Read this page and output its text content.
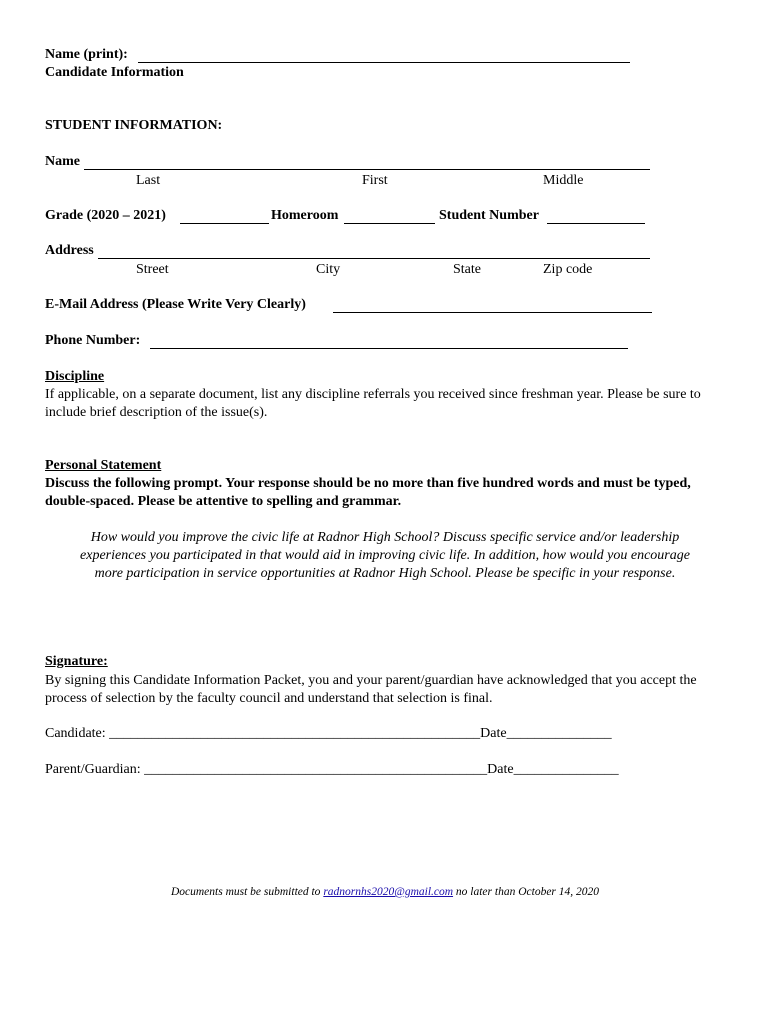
Name (print):
Candidate Information
STUDENT INFORMATION:
Name
Last	First	Middle
Grade (2020 – 2021)	Homeroom	Student Number
Address
Street	City	State	Zip code
E-Mail Address (Please Write Very Clearly)
Phone Number:
Discipline
If applicable, on a separate document, list any discipline referrals you received since freshman year. Please be sure to include brief description of the issue(s).
Personal Statement
Discuss the following prompt. Your response should be no more than five hundred words and must be typed, double-spaced. Please be attentive to spelling and grammar.
How would you improve the civic life at Radnor High School? Discuss specific service and/or leadership
experiences you participated in that would aid in improving civic life. In addition, how would you encourage
more participation in service opportunities at Radnor High School. Please be specific in your response.
Signature:
By signing this Candidate Information Packet, you and your parent/guardian have acknowledged that you accept the process of selection by the faculty council and understand that selection is final.
Candidate: _____________________________________________________Date_______________
Parent/Guardian: _________________________________________________Date_______________
Documents must be submitted to radnornhs2020@gmail.com no later than October 14, 2020
